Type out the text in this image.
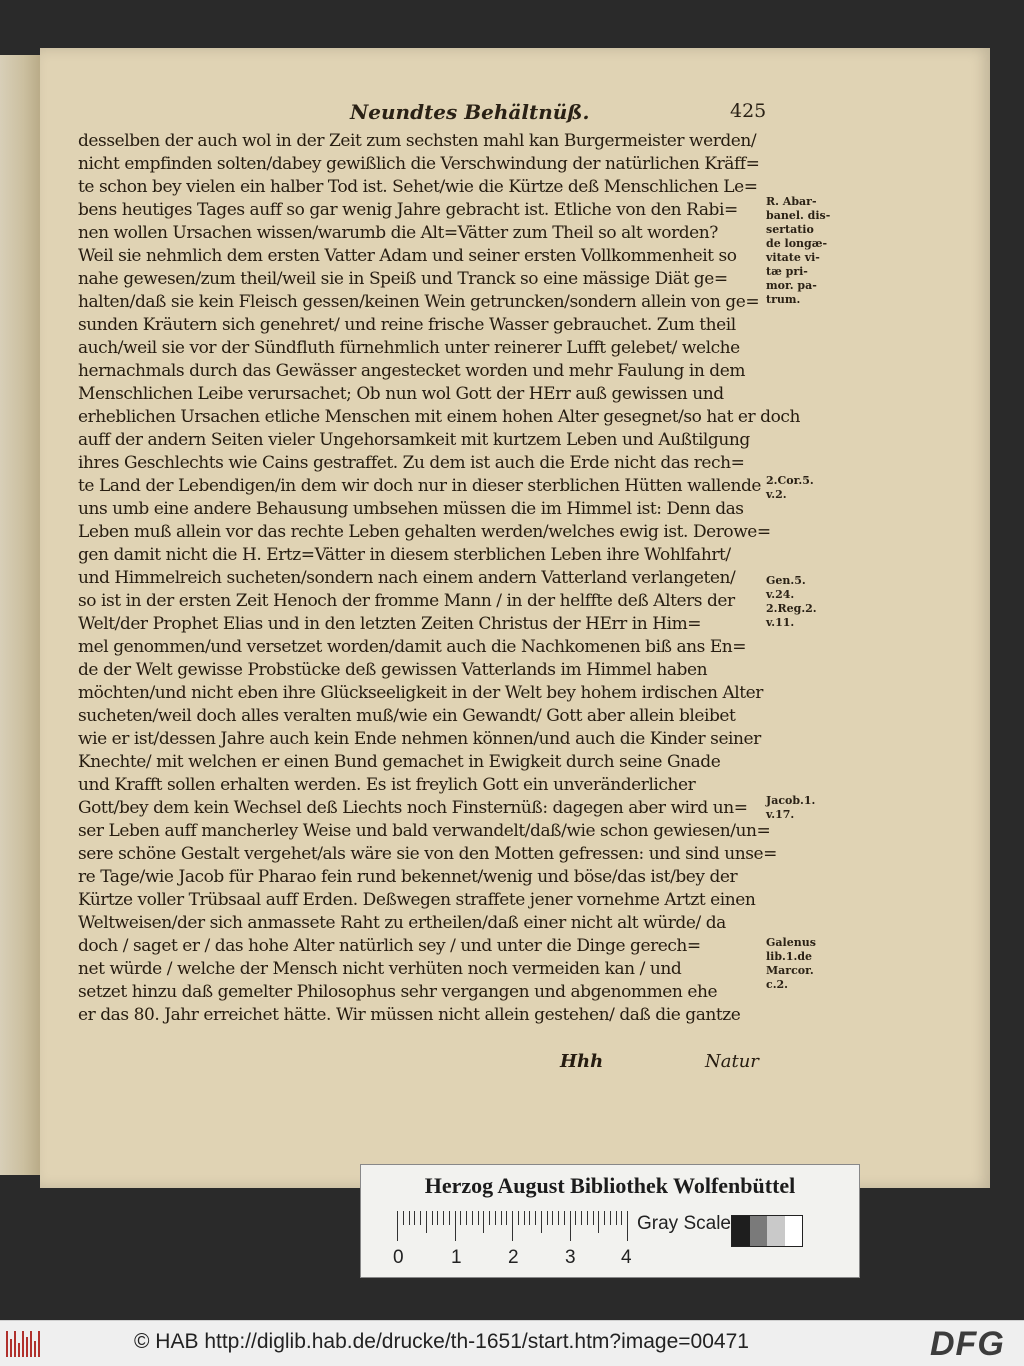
Neundtes Behältnüß.	425
desselben der auch wol in der Zeit zum sechsten mahl kan Burgermeister werden/
nicht empfinden solten/dabey gewißlich die Verschwindung der natürlichen Kräff=
te schon bey vielen ein halber Tod ist. Sehet/wie die Kürtze deß Menschlichen Le=
bens heutiges Tages auff so gar wenig Jahre gebracht ist. Etliche von den Rabi=
nen wollen Ursachen wissen/warumb die Alt=Vätter zum Theil so alt worden?
Weil sie nehmlich dem ersten Vatter Adam und seiner ersten Vollkommenheit so
nahe gewesen/zum theil/weil sie in Speiß und Tranck so eine mässige Diät ge=
halten/daß sie kein Fleisch gessen/keinen Wein getruncken/sondern allein von ge=
sunden Kräutern sich genehret/ und reine frische Wasser gebrauchet. Zum theil
auch/weil sie vor der Sündfluth fürnehmlich unter reinerer Lufft gelebet/ welche
hernachmals durch das Gewässer angestecket worden und mehr Faulung in dem
Menschlichen Leibe verursachet; Ob nun wol Gott der HErr auß gewissen und
erheblichen Ursachen etliche Menschen mit einem hohen Alter gesegnet/so hat er doch
auff der andern Seiten vieler Ungehorsamkeit mit kurtzem Leben und Außtilgung
ihres Geschlechts wie Cains gestraffet. Zu dem ist auch die Erde nicht das rech=
te Land der Lebendigen/in dem wir doch nur in dieser sterblichen Hütten wallende
uns umb eine andere Behausung umbsehen müssen die im Himmel ist: Denn das
Leben muß allein vor das rechte Leben gehalten werden/welches ewig ist. Derowe=
gen damit nicht die H. Ertz=Vätter in diesem sterblichen Leben ihre Wohlfahrt/
und Himmelreich sucheten/sondern nach einem andern Vatterland verlangeten/
so ist in der ersten Zeit Henoch der fromme Mann / in der helffte deß Alters der
Welt/der Prophet Elias und in den letzten Zeiten Christus der HErr in Him=
mel genommen/und versetzet worden/damit auch die Nachkomenen biß ans En=
de der Welt gewisse Probstücke deß gewissen Vatterlands im Himmel haben
möchten/und nicht eben ihre Glückseeligkeit in der Welt bey hohem irdischen Alter
sucheten/weil doch alles veralten muß/wie ein Gewandt/ Gott aber allein bleibet
wie er ist/dessen Jahre auch kein Ende nehmen können/und auch die Kinder seiner
Knechte/ mit welchen er einen Bund gemachet in Ewigkeit durch seine Gnade
und Krafft sollen erhalten werden. Es ist freylich Gott ein unveränderlicher
Gott/bey dem kein Wechsel deß Liechts noch Finsternüß: dagegen aber wird un=
ser Leben auff mancherley Weise und bald verwandelt/daß/wie schon gewiesen/un=
sere schöne Gestalt vergehet/als wäre sie von den Motten gefressen: und sind unse=
re Tage/wie Jacob für Pharao fein rund bekennet/wenig und böse/das ist/bey der
Kürtze voller Trübsaal auff Erden. Deßwegen straffete jener vornehme Artzt einen
Weltweisen/der sich anmassete Raht zu ertheilen/daß einer nicht alt würde/ da
doch / saget er / das hohe Alter natürlich sey / und unter die Dinge gerech=
net würde / welche der Mensch nicht verhüten noch vermeiden kan / und
setzet hinzu daß gemelter Philosophus sehr vergangen und abgenommen ehe
er das 80. Jahr erreichet hätte. Wir müssen nicht allein gestehen/ daß die gantze
R. Abar-
banel. dis-
sertatio
de longæ-
vitate vi-
tæ pri-
mor. pa-
trum.
2.Cor.5.
v.2.
Gen.5.
v.24.
2.Reg.2.
v.11.
Jacob.1.
v.17.
Galenus
lib.1.de
Marcor.
c.2.
Hhh	Natur
Herzog August Bibliothek Wolfenbüttel
0 1 2 3 4
Gray Scale
© HAB http://diglib.hab.de/drucke/th-1651/start.htm?image=00471	DFG
